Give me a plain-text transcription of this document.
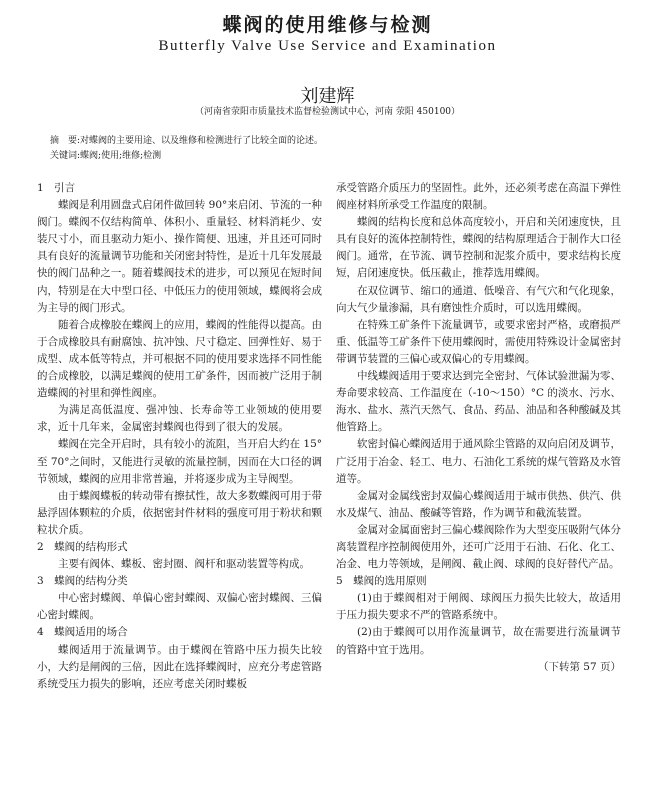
蝶阀的使用维修与检测
Butterfly Valve Use Service and Examination
刘建辉
（河南省荥阳市质量技术监督检验测试中心，河南 荥阳 450100）
摘　要:对蝶阀的主要用途、以及维修和检测进行了比较全面的论述。
关键词:蝶阀;使用;维修;检测

1　引言

蝶阀是利用圆盘式启闭件做回转 90°来启闭、节流的一种阀门。蝶阀不仅结构简单、体积小、重量轻、材料消耗少、安装尺寸小，而且驱动力矩小、操作简便、迅速，并且还可同时具有良好的流量调节功能和关闭密封特性，是近十几年发展最快的阀门品种之一。随着蝶阀技术的进步，可以预见在短时间内，特别是在大中型口径、中低压力的使用领域，蝶阀将会成为主导的阀门形式。

随着合成橡胶在蝶阀上的应用，蝶阀的性能得以提高。由于合成橡胶具有耐腐蚀、抗冲蚀、尺寸稳定、回弹性好、易于成型、成本低等特点，并可根据不同的使用要求选择不同性能的合成橡胶，以满足蝶阀的使用工矿条件，因而被广泛用于制造蝶阀的衬里和弹性阀座。

为满足高低温度、强冲蚀、长寿命等工业领域的使用要求，近十几年来，金属密封蝶阀也得到了很大的发展。

蝶阀在完全开启时，具有较小的流阻，当开启大约在 15°至 70°之间时，又能进行灵敏的流量控制，因而在大口径的调节领域，蝶阀的应用非常普遍，并将逐步成为主导阀型。

由于蝶阀蝶板的转动带有擦拭性，故大多数蝶阀可用于带悬浮固体颗粒的介质，依据密封件材料的强度可用于粉状和颗粒状介质。

2　蝶阀的结构形式

主要有阀体、蝶板、密封圈、阀杆和驱动装置等构成。

3　蝶阀的结构分类

中心密封蝶阀、单偏心密封蝶阀、双偏心密封蝶阀、三偏心密封蝶阀。

4　蝶阀适用的场合

蝶阀适用于流量调节。由于蝶阀在管路中压力损失比较小，大约是闸阀的三倍，因此在选择蝶阀时，应充分考虑管路系统受压力损失的影响，还应考虑关闭时蝶板

承受管路介质压力的坚固性。此外，还必须考虑在高温下弹性阀座材料所承受工作温度的限制。

蝶阀的结构长度和总体高度较小，开启和关闭速度快，且具有良好的流体控制特性，蝶阀的结构原理适合于制作大口径阀门。通常，在节流、调节控制和泥浆介质中，要求结构长度短，启闭速度快。低压截止，推荐选用蝶阀。

在双位调节、缩口的通道、低噪音、有气穴和气化现象，向大气少量渗漏，具有磨蚀性介质时，可以选用蝶阀。

在特殊工矿条件下流量调节，或要求密封严格，或磨损严重、低温等工矿条件下使用蝶阀时，需使用特殊设计金属密封带调节装置的三偏心或双偏心的专用蝶阀。

中线蝶阀适用于要求达到完全密封、气体试验泄漏为零、寿命要求较高、工作温度在（-10～150）°C 的淡水、污水、海水、盐水、蒸汽天然气、食品、药品、油品和各种酸碱及其他管路上。

软密封偏心蝶阀适用于通风除尘管路的双向启闭及调节，广泛用于冶金、轻工、电力、石油化工系统的煤气管路及水管道等。

金属对金属线密封双偏心蝶阀适用于城市供热、供汽、供水及煤气、油品、酸碱等管路，作为调节和截流装置。

金属对金属面密封三偏心蝶阀除作为大型变压吸附气体分离装置程序控制阀使用外，还可广泛用于石油、石化、化工、冶金、电力等领域，是闸阀、截止阀、球阀的良好替代产品。

5　蝶阀的选用原则

(1)由于蝶阀相对于闸阀、球阀压力损失比较大，故适用于压力损失要求不严的管路系统中。

(2)由于蝶阀可以用作流量调节，故在需要进行流量调节的管路中宜于选用。

（下转第 57 页）
